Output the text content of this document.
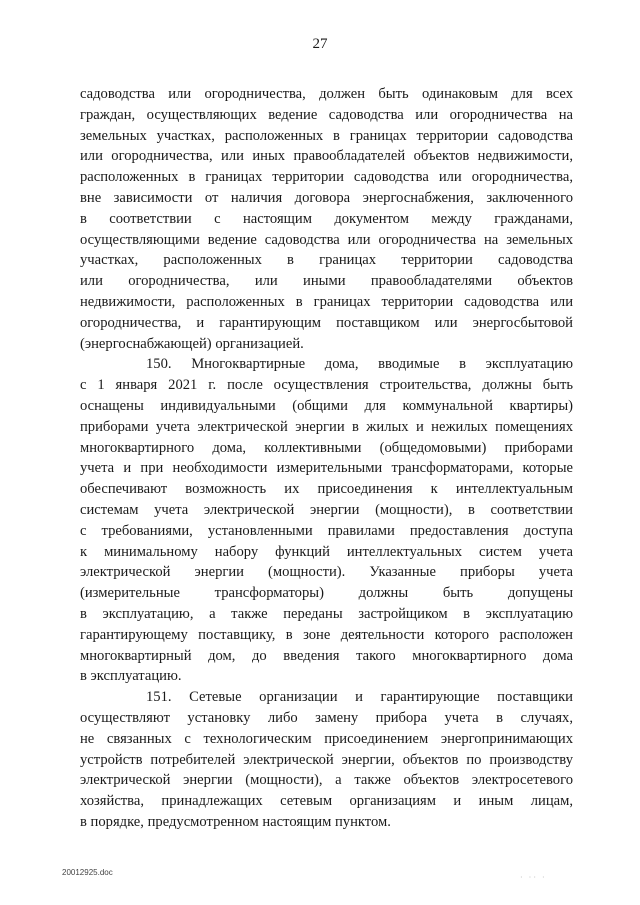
27
садоводства или огородничества, должен быть одинаковым для всех
граждан, осуществляющих ведение садоводства или огородничества на
земельных участках, расположенных в границах территории садоводства
или огородничества, или иных правообладателей объектов недвижимости,
расположенных в границах территории садоводства или огородничества,
вне зависимости от наличия договора энергоснабжения, заключенного
в соответствии с настоящим документом между гражданами,
осуществляющими ведение садоводства или огородничества на земельных
участках, расположенных в границах территории садоводства
или огородничества, или иными правообладателями объектов
недвижимости, расположенных в границах территории садоводства или
огородничества, и гарантирующим поставщиком или энергосбытовой
(энергоснабжающей) организацией.
150. Многоквартирные дома, вводимые в эксплуатацию
с 1 января 2021 г. после осуществления строительства, должны быть
оснащены индивидуальными (общими для коммунальной квартиры)
приборами учета электрической энергии в жилых и нежилых помещениях
многоквартирного дома, коллективными (общедомовыми) приборами
учета и при необходимости измерительными трансформаторами, которые
обеспечивают возможность их присоединения к интеллектуальным
системам учета электрической энергии (мощности), в соответствии
с требованиями, установленными правилами предоставления доступа
к минимальному набору функций интеллектуальных систем учета
электрической энергии (мощности). Указанные приборы учета
(измерительные трансформаторы) должны быть допущены
в эксплуатацию, а также переданы застройщиком в эксплуатацию
гарантирующему поставщику, в зоне деятельности которого расположен
многоквартирный дом, до введения такого многоквартирного дома
в эксплуатацию.
151. Сетевые организации и гарантирующие поставщики
осуществляют установку либо замену прибора учета в случаях,
не связанных с технологическим присоединением энергопринимающих
устройств потребителей электрической энергии, объектов по производству
электрической энергии (мощности), а также объектов электросетевого
хозяйства, принадлежащих сетевым организациям и иным лицам,
в порядке, предусмотренном настоящим пунктом.
20012925.doc
· ·· ·
